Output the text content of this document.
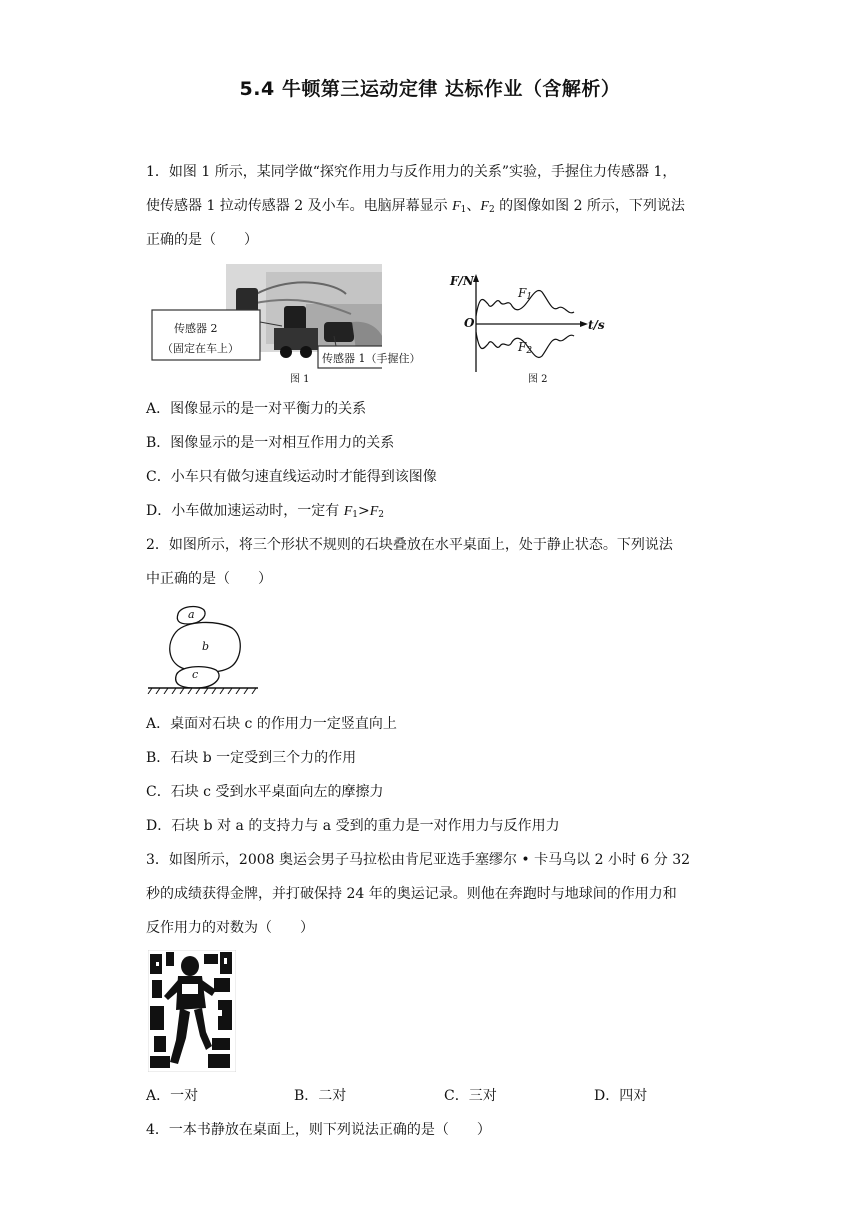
5.4 牛顿第三运动定律 达标作业（含解析）
1．如图 1 所示，某同学做“探究作用力与反作用力的关系”实验，手握住力传感器 1，
使传感器 1 拉动传感器 2 及小车。电脑屏幕显示 $F_1$、$F_2$ 的图像如图 2 所示，下列说法
正确的是（　　）
传感器 2
（固定在车上）
传感器 1（手握住）
图 1
F/N
t/s
O
$F_1$
$F_2$
图 2
A．图像显示的是一对平衡力的关系
B．图像显示的是一对相互作用力的关系
C．小车只有做匀速直线运动时才能得到该图像
D．小车做加速运动时，一定有 $F_1>F_2$
2．如图所示，将三个形状不规则的石块叠放在水平桌面上，处于静止状态。下列说法
中正确的是（　　）
a
b
c
A．桌面对石块 c 的作用力一定竖直向上
B．石块 b 一定受到三个力的作用
C．石块 c 受到水平桌面向左的摩擦力
D．石块 b 对 a 的支持力与 a 受到的重力是一对作用力与反作用力
3．如图所示，2008 奥运会男子马拉松由肯尼亚选手塞缪尔 • 卡马乌以 2 小时 6 分 32
秒的成绩获得金牌，并打破保持 24 年的奥运记录。则他在奔跑时与地球间的作用力和
反作用力的对数为（　　）
A．一对	B．二对	C．三对	D．四对
4．一本书静放在桌面上，则下列说法正确的是（　　）
